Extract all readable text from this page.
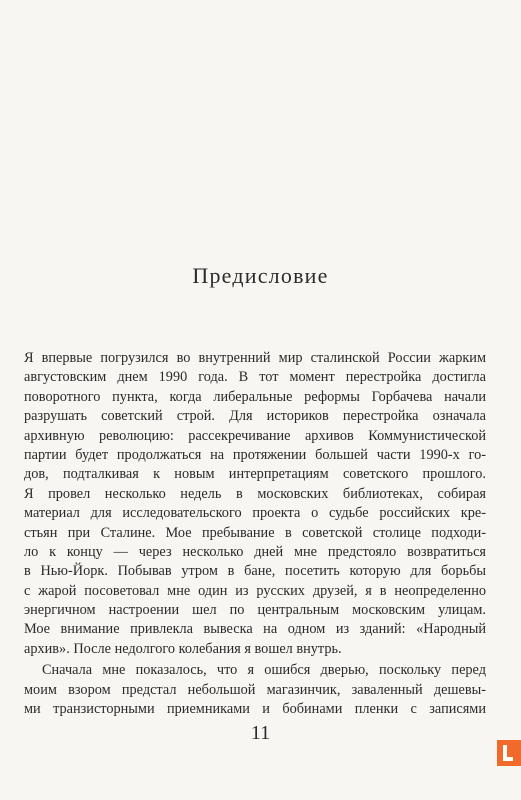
Предисловие

Я впервые погрузился во внутренний мир сталинской России жарким
августовским днем 1990 года. В тот момент перестройка достигла
поворотного пункта, когда либеральные реформы Горбачева начали
разрушать советский строй. Для историков перестройка означала
архивную революцию: рассекречивание архивов Коммунистической
партии будет продолжаться на протяжении большей части 1990-х го-
дов, подталкивая к новым интерпретациям советского прошлого.
Я провел несколько недель в московских библиотеках, собирая
материал для исследовательского проекта о судьбе российских кре-
стьян при Сталине. Мое пребывание в советской столице подходи-
ло к концу — через несколько дней мне предстояло возвратиться
в Нью-Йорк. Побывав утром в бане, посетить которую для борьбы
с жарой посоветовал мне один из русских друзей, я в неопределенно
энергичном настроении шел по центральным московским улицам.
Мое внимание привлекла вывеска на одном из зданий: «Народный
архив». После недолгого колебания я вошел внутрь.

Сначала мне показалось, что я ошибся дверью, поскольку перед
моим взором предстал небольшой магазинчик, заваленный дешевы-
ми транзисторными приемниками и бобинами пленки с записями

11
